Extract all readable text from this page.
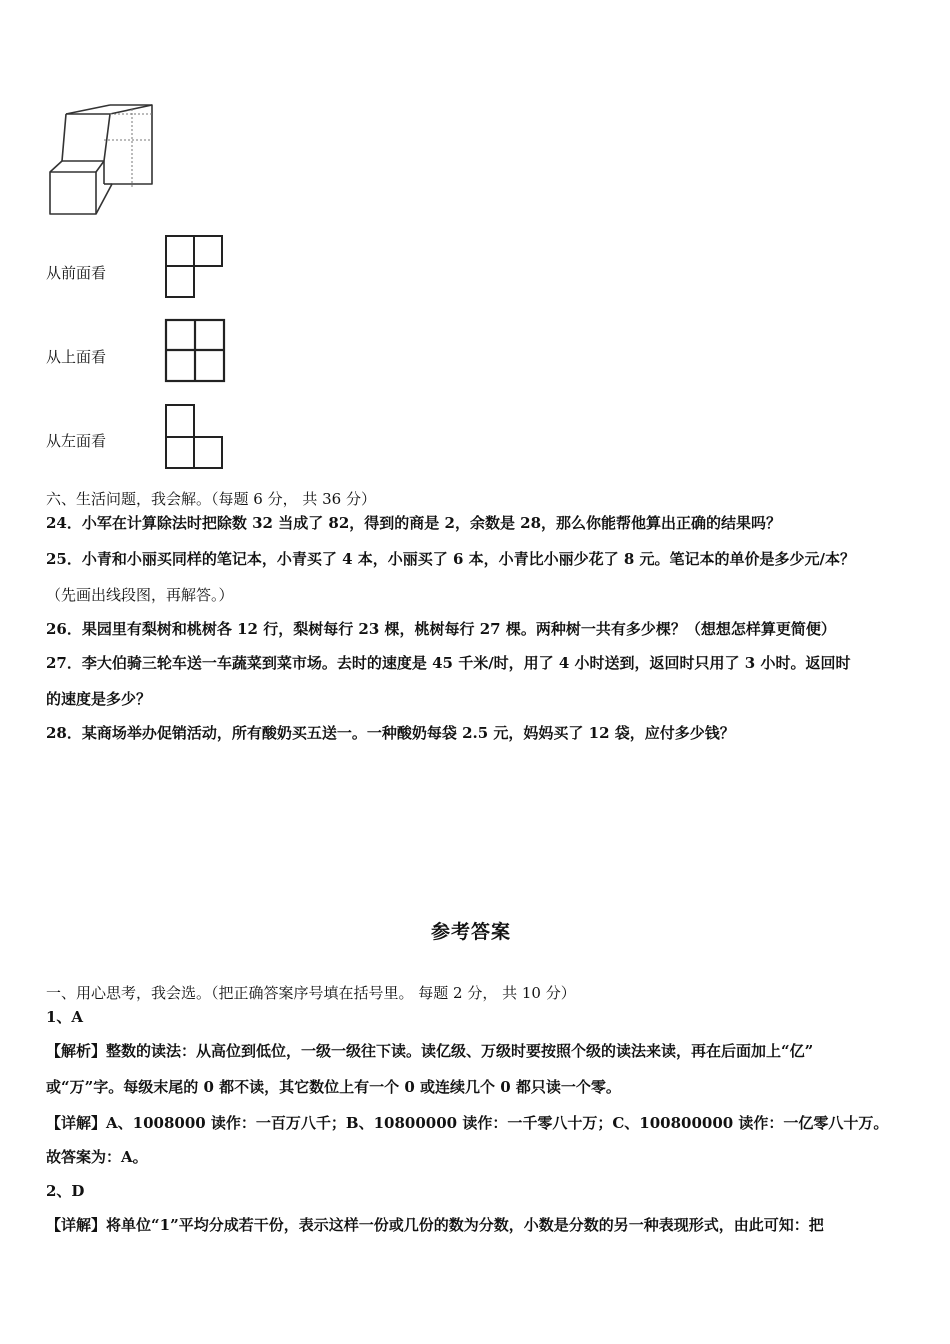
从前面看
从上面看
从左面看
六、生活问题，我会解。（每题 6 分， 共 36 分）
24．小军在计算除法时把除数 32 当成了 82，得到的商是 2，余数是 28，那么你能帮他算出正确的结果吗？
25．小青和小丽买同样的笔记本，小青买了 4 本，小丽买了 6 本，小青比小丽少花了 8 元。笔记本的单价是多少元/本？
（先画出线段图，再解答。）
26．果园里有梨树和桃树各 12 行，梨树每行 23 棵，桃树每行 27 棵。两种树一共有多少棵？（想想怎样算更简便）
27．李大伯骑三轮车送一车蔬菜到菜市场。去时的速度是 45 千米/时，用了 4 小时送到，返回时只用了 3 小时。返回时
的速度是多少？
28．某商场举办促销活动，所有酸奶买五送一。一种酸奶每袋 2.5 元，妈妈买了 12 袋，应付多少钱？
参考答案
一、用心思考，我会选。（把正确答案序号填在括号里。 每题 2 分， 共 10 分）
1、A
【解析】整数的读法：从高位到低位，一级一级往下读。读亿级、万级时要按照个级的读法来读，再在后面加上“亿”
或“万”字。每级末尾的 0 都不读，其它数位上有一个 0 或连续几个 0 都只读一个零。
【详解】A、1008000 读作：一百万八千；B、10800000 读作：一千零八十万；C、100800000 读作：一亿零八十万。
故答案为：A。
2、D
【详解】将单位“1”平均分成若干份，表示这样一份或几份的数为分数，小数是分数的另一种表现形式，由此可知：把
